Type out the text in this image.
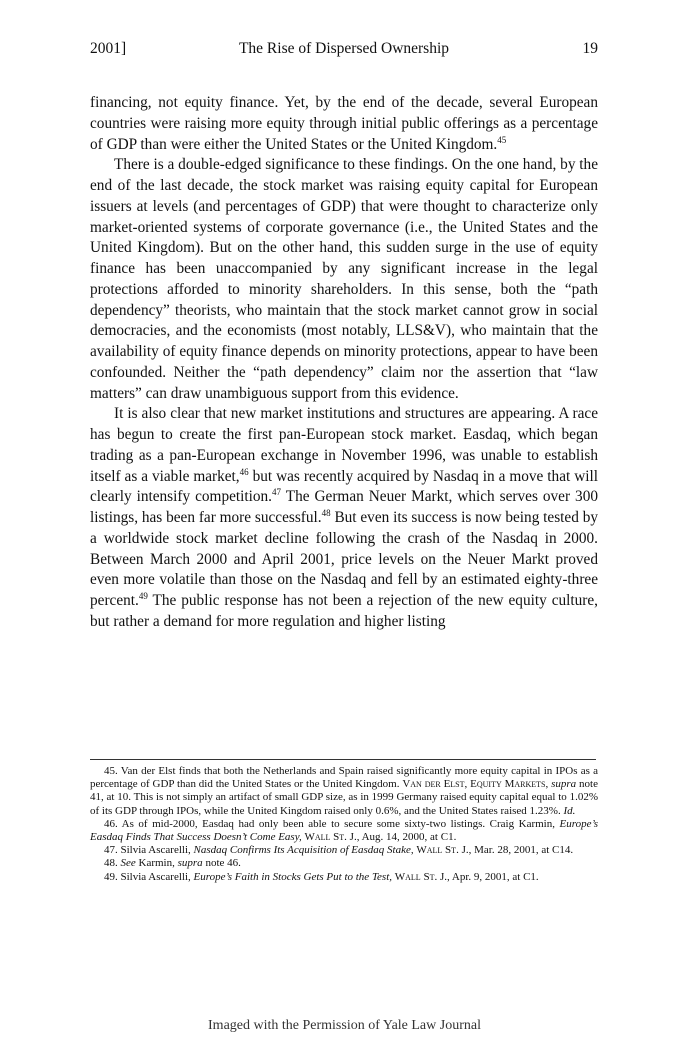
2001]	The Rise of Dispersed Ownership	19

financing, not equity finance. Yet, by the end of the decade, several European countries were raising more equity through initial public offerings as a percentage of GDP than were either the United States or the United Kingdom.$^{45}$

There is a double-edged significance to these findings. On the one hand, by the end of the last decade, the stock market was raising equity capital for European issuers at levels (and percentages of GDP) that were thought to characterize only market-oriented systems of corporate governance (i.e., the United States and the United Kingdom). But on the other hand, this sudden surge in the use of equity finance has been unaccompanied by any significant increase in the legal protections afforded to minority shareholders. In this sense, both the “path dependency” theorists, who maintain that the stock market cannot grow in social democracies, and the economists (most notably, LLS&V), who maintain that the availability of equity finance depends on minority protections, appear to have been confounded. Neither the “path dependency” claim nor the assertion that “law matters” can draw unambiguous support from this evidence.

It is also clear that new market institutions and structures are appearing. A race has begun to create the first pan-European stock market. Easdaq, which began trading as a pan-European exchange in November 1996, was unable to establish itself as a viable market,$^{46}$ but was recently acquired by Nasdaq in a move that will clearly intensify competition.$^{47}$ The German Neuer Markt, which serves over 300 listings, has been far more successful.$^{48}$ But even its success is now being tested by a worldwide stock market decline following the crash of the Nasdaq in 2000. Between March 2000 and April 2001, price levels on the Neuer Markt proved even more volatile than those on the Nasdaq and fell by an estimated eighty-three percent.$^{49}$ The public response has not been a rejection of the new equity culture, but rather a demand for more regulation and higher listing

45. Van der Elst finds that both the Netherlands and Spain raised significantly more equity capital in IPOs as a percentage of GDP than did the United States or the United Kingdom. Van der Elst, Equity Markets, supra note 41, at 10. This is not simply an artifact of small GDP size, as in 1999 Germany raised equity capital equal to 1.02% of its GDP through IPOs, while the United Kingdom raised only 0.6%, and the United States raised 1.23%. Id.

46. As of mid-2000, Easdaq had only been able to secure some sixty-two listings. Craig Karmin, Europe’s Easdaq Finds That Success Doesn’t Come Easy, Wall St. J., Aug. 14, 2000, at C1.

47. Silvia Ascarelli, Nasdaq Confirms Its Acquisition of Easdaq Stake, Wall St. J., Mar. 28, 2001, at C14.

48. See Karmin, supra note 46.

49. Silvia Ascarelli, Europe’s Faith in Stocks Gets Put to the Test, Wall St. J., Apr. 9, 2001, at C1.

Imaged with the Permission of Yale Law Journal
